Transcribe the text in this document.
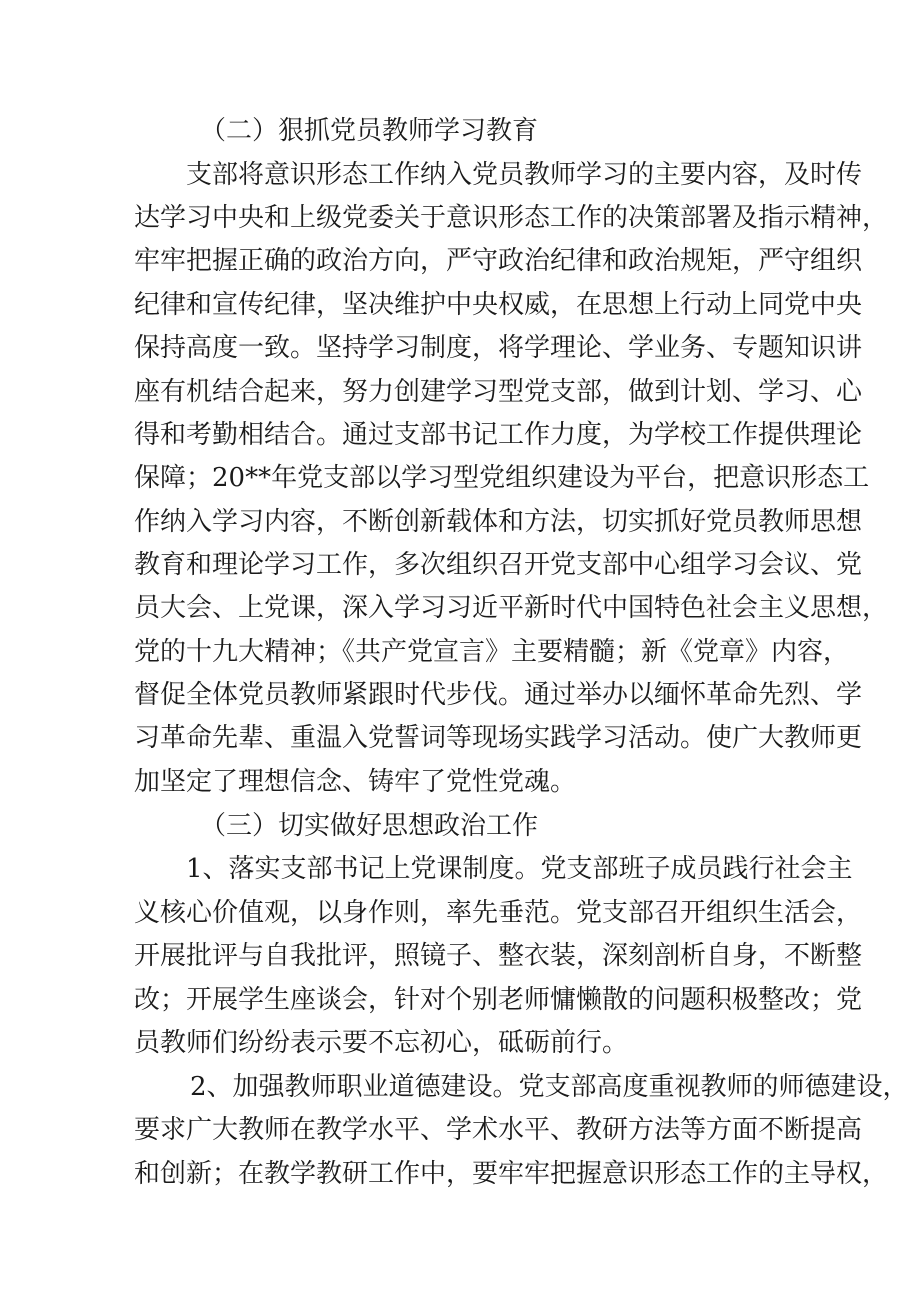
（二）狠抓党员教师学习教育
支部将意识形态工作纳入党员教师学习的主要内容，及时传
达学习中央和上级党委关于意识形态工作的决策部署及指示精神，
牢牢把握正确的政治方向，严守政治纪律和政治规矩，严守组织
纪律和宣传纪律，坚决维护中央权威，在思想上行动上同党中央
保持高度一致。坚持学习制度，将学理论、学业务、专题知识讲
座有机结合起来，努力创建学习型党支部，做到计划、学习、心
得和考勤相结合。通过支部书记工作力度，为学校工作提供理论
保障；20**年党支部以学习型党组织建设为平台，把意识形态工
作纳入学习内容，不断创新载体和方法，切实抓好党员教师思想
教育和理论学习工作，多次组织召开党支部中心组学习会议、党
员大会、上党课，深入学习习近平新时代中国特色社会主义思想，
党的十九大精神；《共产党宣言》主要精髓；新《党章》内容，
督促全体党员教师紧跟时代步伐。通过举办以缅怀革命先烈、学
习革命先辈、重温入党誓词等现场实践学习活动。使广大教师更
加坚定了理想信念、铸牢了党性党魂。
（三）切实做好思想政治工作
1、落实支部书记上党课制度。党支部班子成员践行社会主
义核心价值观，以身作则，率先垂范。党支部召开组织生活会，
开展批评与自我批评，照镜子、整衣装，深刻剖析自身，不断整
改；开展学生座谈会，针对个别老师慵懒散的问题积极整改；党
员教师们纷纷表示要不忘初心，砥砺前行。
2、加强教师职业道德建设。党支部高度重视教师的师德建设，
要求广大教师在教学水平、学术水平、教研方法等方面不断提高
和创新；在教学教研工作中，要牢牢把握意识形态工作的主导权，
